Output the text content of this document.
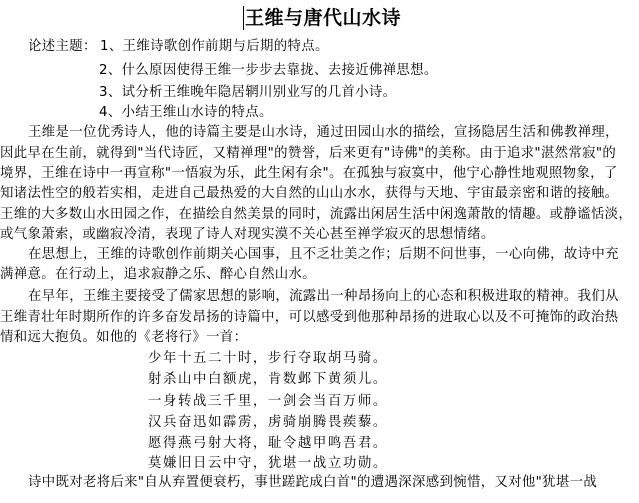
王维与唐代山水诗
论述主题： 1、王维诗歌创作前期与后期的特点。
2、什么原因使得王维一步步去靠拢、去接近佛禅思想。
3、试分析王维晚年隐居辋川别业写的几首小诗。
4、小结王维山水诗的特点。
王维是一位优秀诗人，他的诗篇主要是山水诗，通过田园山水的描绘，宣扬隐居生活和佛教禅理，
因此早在生前，就得到"当代诗匠，又精禅理"的赞誉，后来更有"诗佛"的美称。由于追求"湛然常寂"的
境界，王维在诗中一再宣称"一悟寂为乐，此生闲有余"。在孤独与寂寞中，他宁心静性地观照物象，了
知诸法性空的般若实相，走进自己最热爱的大自然的山山水水，获得与天地、宇宙最亲密和谐的接触。
王维的大多数山水田园之作，在描绘自然美景的同时，流露出闲居生活中闲逸萧散的情趣。或静谧恬淡，
或气象萧索，或幽寂冷清，表现了诗人对现实漠不关心甚至禅学寂灭的思想情绪。
在思想上，王维的诗歌创作前期关心国事，且不乏壮美之作；后期不问世事，一心向佛，故诗中充
满禅意。在行动上，追求寂静之乐、醉心自然山水。
在早年，王维主要接受了儒家思想的影响，流露出一种昂扬向上的心态和积极进取的精神。我们从
王维青壮年时期所作的许多奋发昂扬的诗篇中，可以感受到他那种昂扬的进取心以及不可掩饰的政治热
情和远大抱负。如他的《老将行》一首：
少年十五二十时，步行夺取胡马骑。
射杀山中白额虎，肯数邺下黄须儿。
一身转战三千里，一剑会当百万师。
汉兵奋迅如霹雳，虏骑崩腾畏蒺藜。
愿得燕弓射大将，耻令越甲鸣吾君。
莫嫌旧日云中守，犹堪一战立功勋。
诗中既对老将后来"自从弃置便衰朽，事世蹉跎成白首"的遭遇深深感到惋惜，又对他"犹堪一战
